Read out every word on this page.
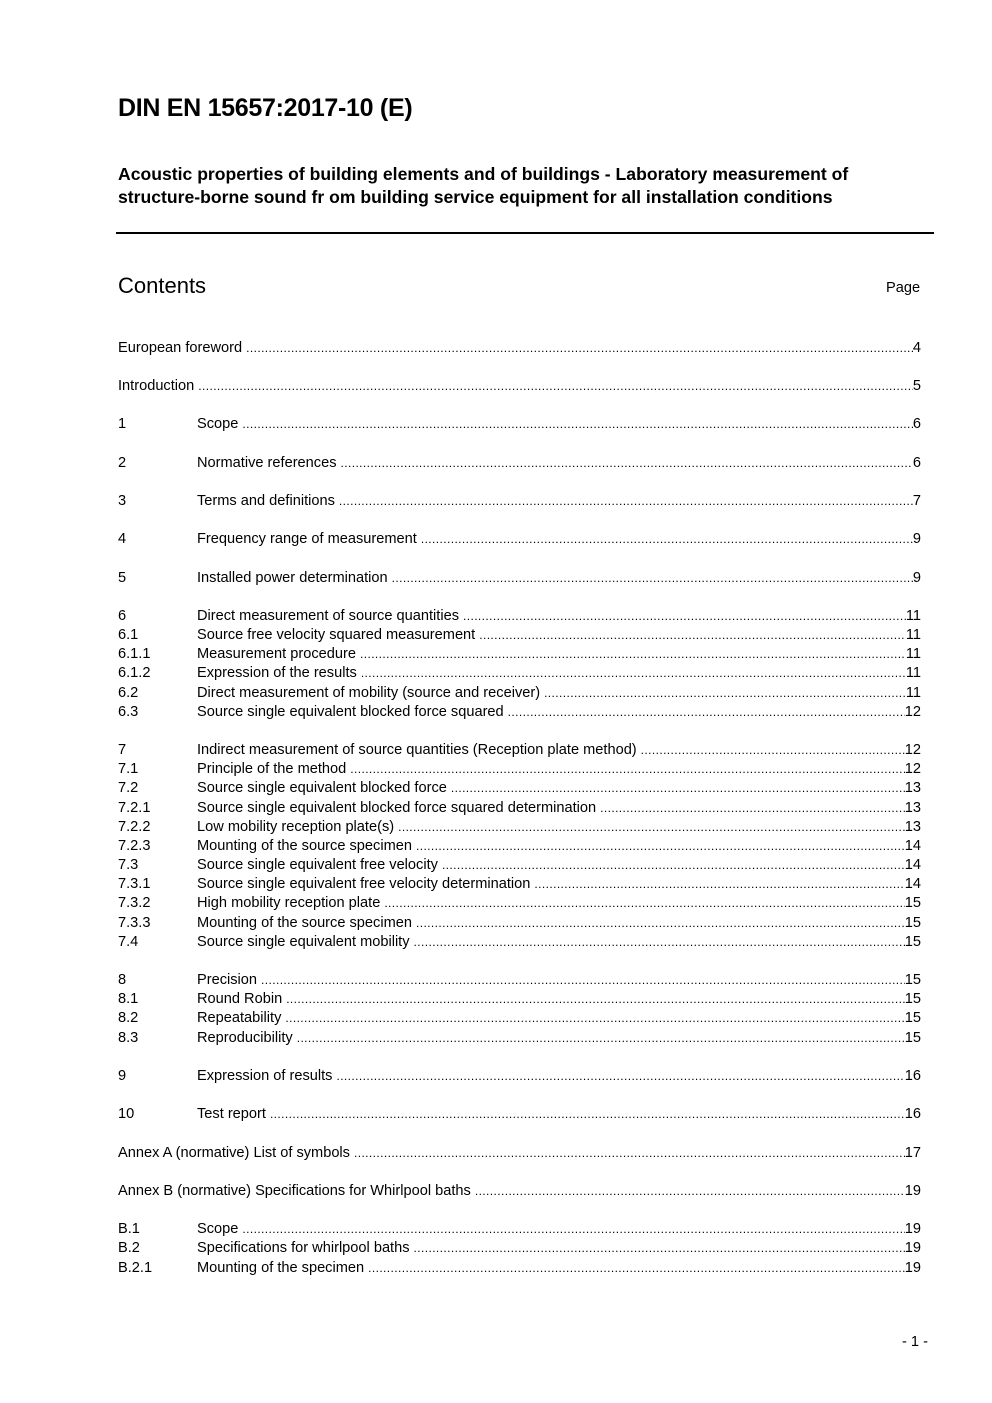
DIN EN 15657:2017-10 (E)
Acoustic properties of building elements and of buildings - Laboratory measurement of structure-borne sound fr om building service equipment for all installation conditions
Contents	Page
European foreword .....	4
Introduction .....	5
1	Scope .....	6
2	Normative references .....	6
3	Terms and definitions .....	7
4	Frequency range of measurement .....	9
5	Installed power determination .....	9
6	Direct measurement of source quantities .....	11
6.1	Source free velocity squared measurement .....	11
6.1.1	Measurement procedure .....	11
6.1.2	Expression of the results .....	11
6.2	Direct measurement of mobility (source and receiver) .....	11
6.3	Source single equivalent blocked force squared .....	12
7	Indirect measurement of source quantities (Reception plate method) .....	12
7.1	Principle of the method .....	12
7.2	Source single equivalent blocked force .....	13
7.2.1	Source single equivalent blocked force squared determination .....	13
7.2.2	Low mobility reception plate(s) .....	13
7.2.3	Mounting of the source specimen .....	14
7.3	Source single equivalent free velocity .....	14
7.3.1	Source single equivalent free velocity determination .....	14
7.3.2	High mobility reception plate .....	15
7.3.3	Mounting of the source specimen .....	15
7.4	Source single equivalent mobility .....	15
8	Precision .....	15
8.1	Round Robin .....	15
8.2	Repeatability .....	15
8.3	Reproducibility .....	15
9	Expression of results .....	16
10	Test report .....	16
Annex A (normative) List of symbols .....	17
Annex B (normative) Specifications for Whirlpool baths .....	19
B.1	Scope .....	19
B.2	Specifications for whirlpool baths .....	19
B.2.1	Mounting of the specimen .....	19
- 1 -
